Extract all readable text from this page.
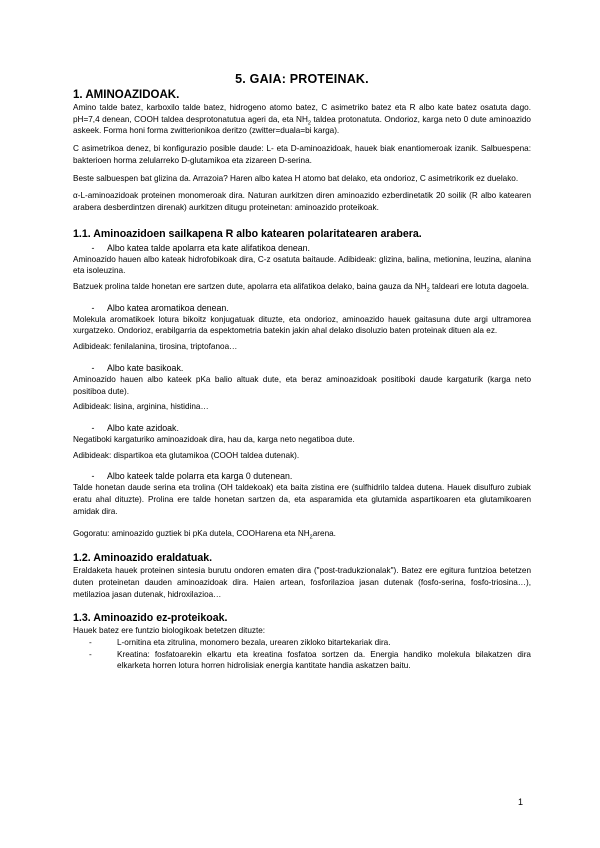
5. GAIA: PROTEINAK.
1. AMINOAZIDOAK.

Amino talde batez, karboxilo talde batez, hidrogeno atomo batez, C asimetriko batez eta R albo kate batez osatuta dago. pH=7,4 denean, COOH taldea desprotonatutua ageri da, eta $NH_2$ taldea protonatuta. Ondorioz, karga neto 0 dute aminoazido askeek. Forma honi forma zwitterionikoa deritzo (zwitter=duala=bi karga).

C asimetrikoa denez, bi konfigurazio posible daude: L- eta D-aminoazidoak, hauek biak enantiomeroak izanik. Salbuespena: bakterioen horma zelularreko D-glutamikoa eta zizareen D-serina.

Beste salbuespen bat glizina da. Arrazoia? Haren albo katea H atomo bat delako, eta ondorioz, C asimetrikorik ez duelako.

α-L-aminoazidoak proteinen monomeroak dira. Naturan aurkitzen diren aminoazido ezberdinetatik 20 soilik (R albo katearen arabera desberdintzen direnak) aurkitzen ditugu proteinetan: aminoazido proteikoak.

1.1. Aminoazidoen sailkapena R albo katearen polaritatearen arabera.
-	Albo katea talde apolarra eta kate alifatikoa denean.

Aminoazido hauen albo kateak hidrofobikoak dira, C-z osatuta baitaude. Adibideak: glizina, balina, metionina, leuzina, alanina eta isoleuzina.

Batzuek prolina talde honetan ere sartzen dute, apolarra eta alifatikoa delako, baina gauza da $NH_2$ taldeari ere lotuta dagoela.

-	Albo katea aromatikoa denean.

Molekula aromatikoek lotura bikoitz konjugatuak dituzte, eta ondorioz, aminoazido hauek gaitasuna dute argi ultramorea xurgatzeko. Ondorioz, erabilgarria da espektometria batekin jakin ahal delako disoluzio baten proteinak dituen ala ez.

Adibideak: fenilalanina, tirosina, triptofanoa…

-	Albo kate basikoak.

Aminoazido hauen albo kateek pKa balio altuak dute, eta beraz aminoazidoak positiboki daude kargaturik (karga neto positiboa dute).

Adibideak: lisina, arginina, histidina…

-	Albo kate azidoak.

Negatiboki kargaturiko aminoazidoak dira, hau da, karga neto negatiboa dute.

Adibideak: dispartikoa eta glutamikoa (COOH taldea dutenak).

-	Albo kateek talde polarra eta karga 0 dutenean.

Talde honetan daude serina eta trolina (OH taldekoak) eta baita zistina ere (sulfhidrilo taldea dutena. Hauek disulfuro zubiak eratu ahal dituzte). Prolina ere talde honetan sartzen da, eta asparamida eta glutamida aspartikoaren eta glutamikoaren amidak dira.

Gogoratu: aminoazido guztiek bi pKa dutela, COOHarena eta $NH_2arena$.

1.2. Aminoazido eraldatuak.

Eraldaketa hauek proteinen sintesia burutu ondoren ematen dira ("post-tradukzionalak"). Batez ere egitura funtzioa betetzen duten proteinetan dauden aminoazidoak dira. Haien artean, fosforilazioa jasan dutenak (fosfo-serina, fosfo-triosina…), metilazioa jasan dutenak, hidroxilazioa…

1.3. Aminoazido ez-proteikoak.

Hauek batez ere funtzio biologikoak betetzen dituzte:

-	L-ornitina eta zitrulina, monomero bezala, urearen zikloko bitartekariak dira.
-	Kreatina: fosfatoarekin elkartu eta kreatina fosfatoa sortzen da. Energia handiko molekula bilakatzen dira elkarketa horren lotura horren hidrolisiak energia kantitate handia askatzen baitu.
1
